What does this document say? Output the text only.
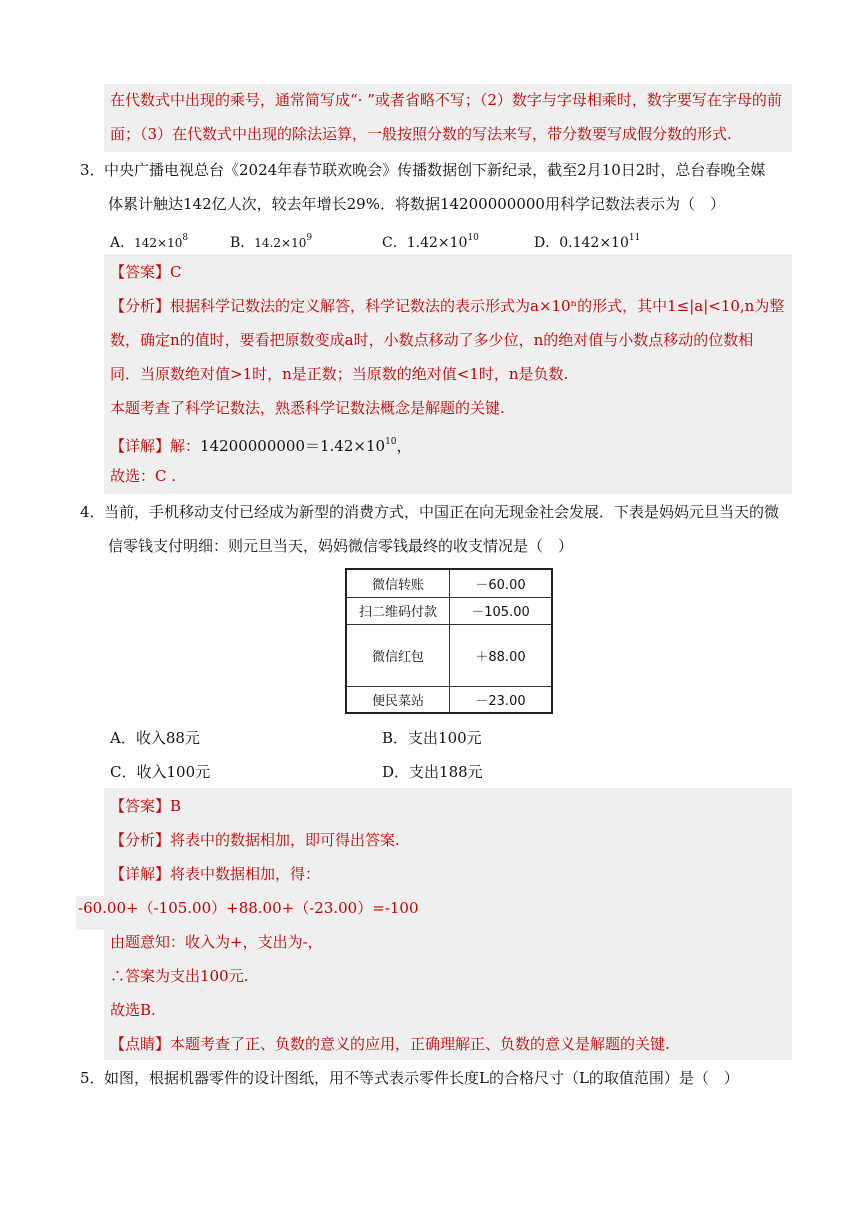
在代数式中出现的乘号，通常简写成“· ”或者省略不写；（2）数字与字母相乘时，数字要写在字母的前
面；（3）在代数式中出现的除法运算，一般按照分数的写法来写，带分数要写成假分数的形式.
3． 中央广播电视总台《2024年春节联欢晚会》传播数据创下新纪录，截至2月10日2时，总台春晚全媒
体累计触达142亿人次，较去年增长29%．将数据14200000000用科学记数法表示为（　）
A．$142\times 10^8$	B．$14.2\times 10^9$	C．$1.42\times 10^{10}$	D．$0.142\times 10^{11}$
【答案】C
【分析】根据科学记数法的定义解答，科学记数法的表示形式为a×10ⁿ的形式，其中1≤|a|<10,n为整
数，确定n的值时，要看把原数变成a时，小数点移动了多少位，n的绝对值与小数点移动的位数相
同．当原数绝对值>1时，n是正数；当原数的绝对值<1时，n是负数.
本题考查了科学记数法，熟悉科学记数法概念是解题的关键.
【详解】解：$14200000000=1.42\times 10^{10}$，
故选：C .
4． 当前，手机移动支付已经成为新型的消费方式，中国正在向无现金社会发展．下表是妈妈元旦当天的微
信零钱支付明细：则元旦当天，妈妈微信零钱最终的收支情况是（　）
微信转账	－60.00
扫二维码付款	－105.00
微信红包	＋88.00
便民菜站	－23.00
A．收入88元	B．支出100元
C．收入100元	D．支出188元
【答案】B
【分析】将表中的数据相加，即可得出答案.
【详解】将表中数据相加，得：
-60.00+（-105.00）+88.00+（-23.00）=-100
由题意知：收入为+，支出为-，
∴答案为支出100元.
故选B.
【点睛】本题考查了正、负数的意义的应用，正确理解正、负数的意义是解题的关键.
5． 如图，根据机器零件的设计图纸，用不等式表示零件长度L的合格尺寸（L的取值范围）是（　）
